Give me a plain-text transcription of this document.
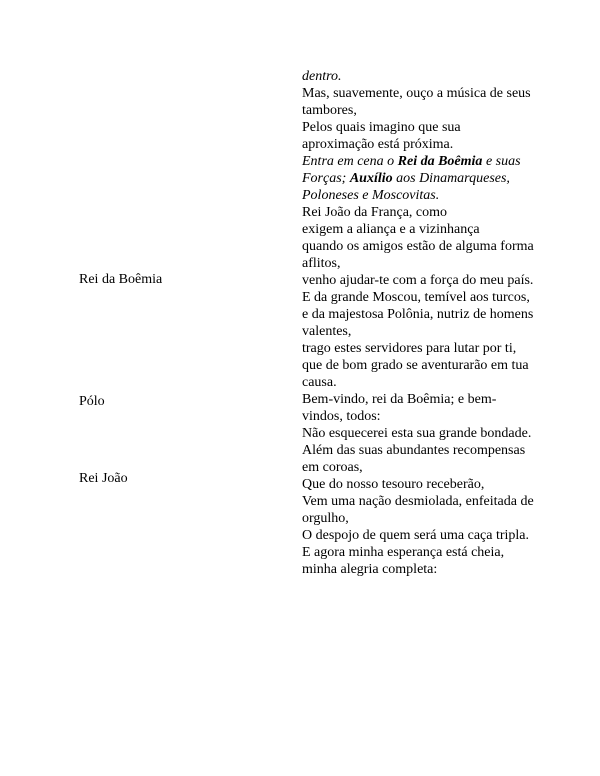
Rei da Boêmia
Pólo
Rei João

dentro.

Mas, suavemente, ouço a música de seus tambores,

Pelos quais imagino que sua aproximação está próxima.

Entra em cena o Rei da Boêmia e suas Forças; Auxílio aos Dinamarqueses, Poloneses e Moscovitas.

Rei João da França, como

exigem a aliança e a vizinhança

quando os amigos estão de alguma forma aflitos,

venho ajudar-te com a força do meu país.

E da grande Moscou, temível aos turcos,

e da majestosa Polônia, nutriz de homens valentes,

trago estes servidores para lutar por ti,

que de bom grado se aventurarão em tua causa.

Bem-vindo, rei da Boêmia; e bem-vindos, todos:

Não esquecerei esta sua grande bondade.

Além das suas abundantes recompensas em coroas,

Que do nosso tesouro receberão,

Vem uma nação desmiolada, enfeitada de orgulho,

O despojo de quem será uma caça tripla.

E agora minha esperança está cheia, minha alegria completa:
